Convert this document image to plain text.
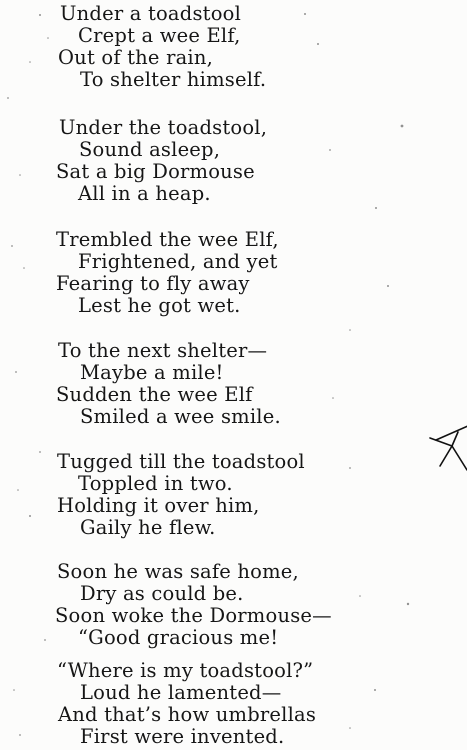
Under a toadstool
Crept a wee Elf,
Out of the rain,
To shelter himself.
Under the toadstool,
Sound asleep,
Sat a big Dormouse
All in a heap.
Trembled the wee Elf,
Frightened, and yet
Fearing to fly away
Lest he got wet.
To the next shelter—
Maybe a mile!
Sudden the wee Elf
Smiled a wee smile.
Tugged till the toadstool
Toppled in two.
Holding it over him,
Gaily he flew.
Soon he was safe home,
Dry as could be.
Soon woke the Dormouse—
“Good gracious me!
“Where is my toadstool?”
Loud he lamented—
And that’s how umbrellas
First were invented.
